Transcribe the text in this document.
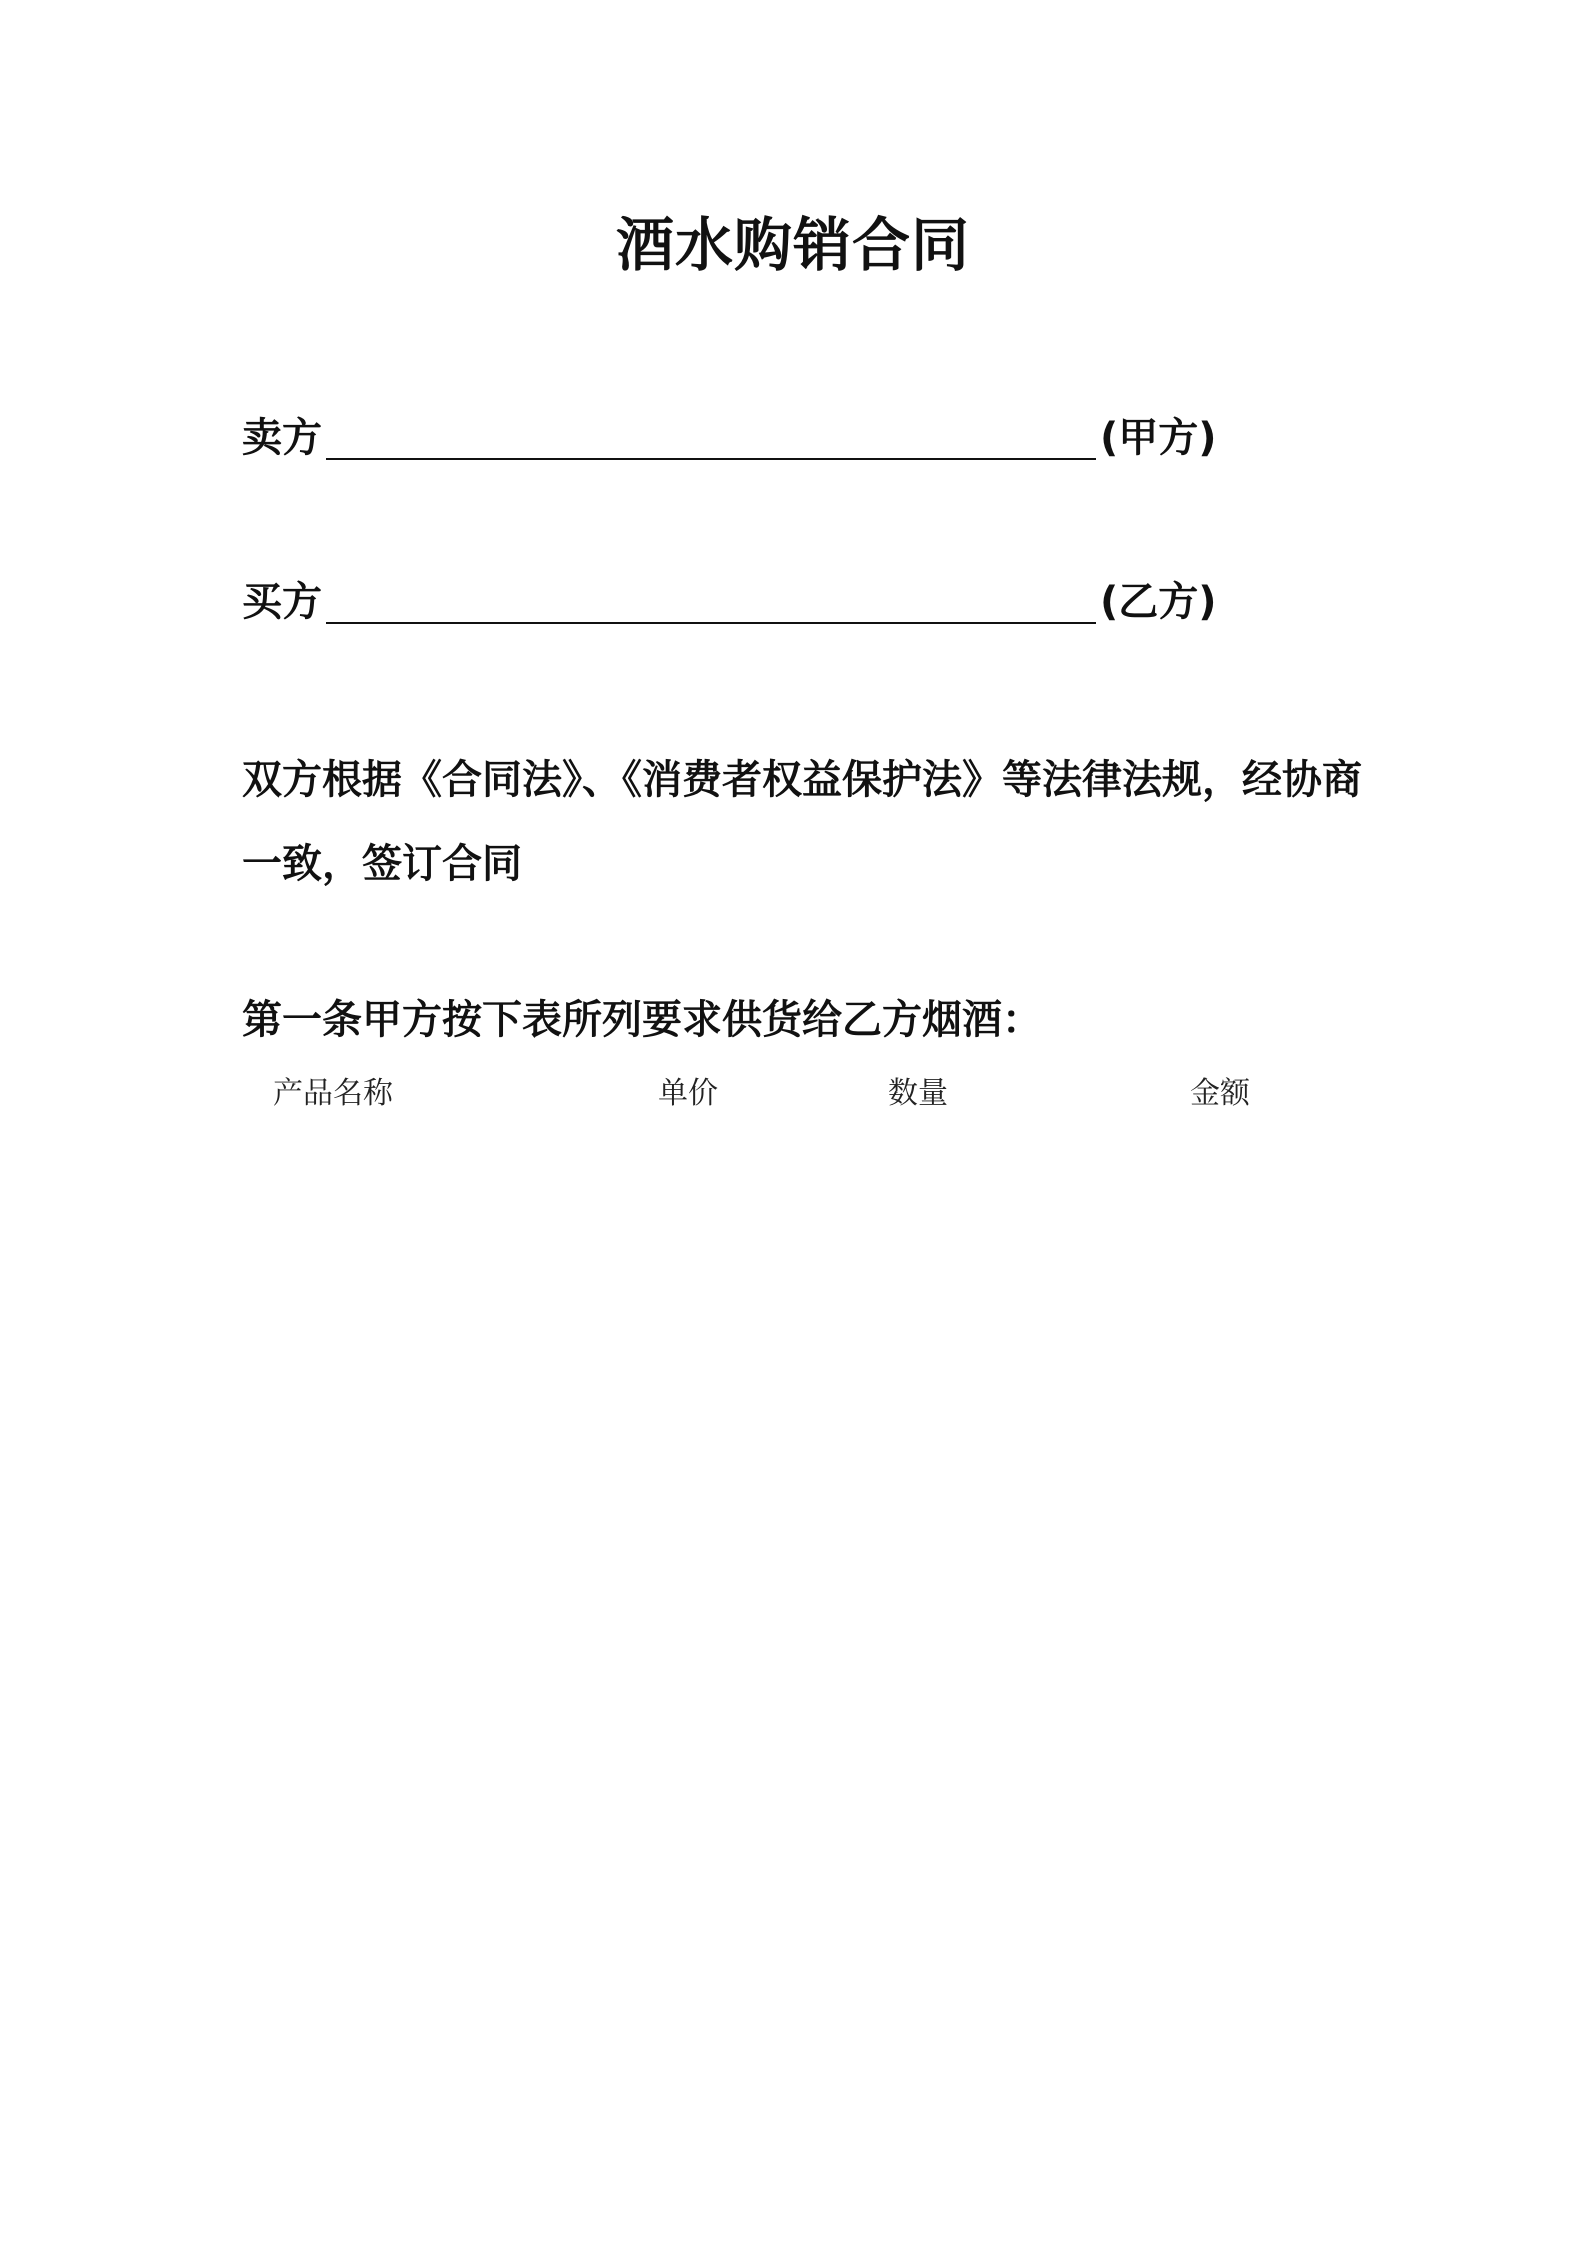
酒水购销合同
卖方	(甲方)
买方	(乙方)
双方根据《合同法》、《消费者权益保护法》等法律法规，经协商一致，签订合同
第一条甲方按下表所列要求供货给乙方烟酒：
产品名称	单价	数量	金额
